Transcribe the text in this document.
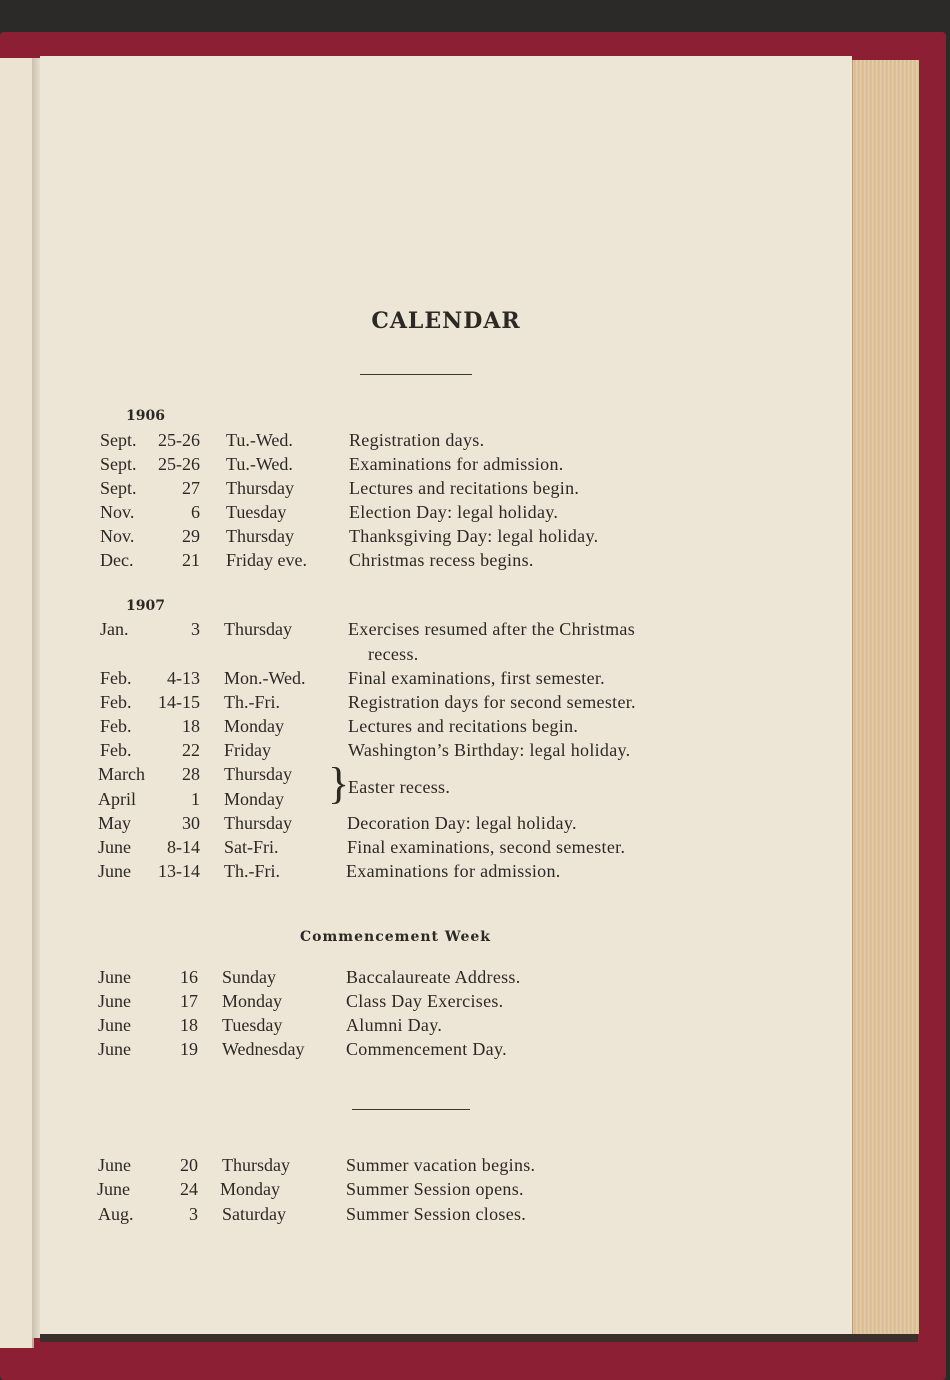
CALENDAR
1906
Sept.	25-26 Tu.-Wed.	Registration days.
Sept.	25-26 Tu.-Wed.	Examinations for admission.
Sept.	27 Thursday	Lectures and recitations begin.
Nov.	6 Tuesday	Election Day: legal holiday.
Nov.	29 Thursday	Thanksgiving Day: legal holiday.
Dec.	21 Friday eve. Christmas recess begins.
1907
Jan.	3 Thursday	Exercises resumed after the Christmas
recess.
Feb.	4-13 Mon.-Wed. Final examinations, first semester.
Feb.	14-15 Th.-Fri.	Registration days for second semester.
Feb.	18 Monday	Lectures and recitations begin.
Feb.	22 Friday	Washington’s Birthday: legal holiday.
March	28 Thursday
April	1 Monday }
Easter recess.
May	30 Thursday	Decoration Day: legal holiday.
June	8-14 Sat-Fri.	Final examinations, second semester.
June	13-14 Th.-Fri.	Examinations for admission.
Commencement Week
June	16 Sunday	Baccalaureate Address.
June	17 Monday	Class Day Exercises.
June	18 Tuesday	Alumni Day.
June	19 Wednesday Commencement Day.
June	20 Thursday	Summer vacation begins.
June	24 Monday	Summer Session opens.
Aug.	3 Saturday	Summer Session closes.
